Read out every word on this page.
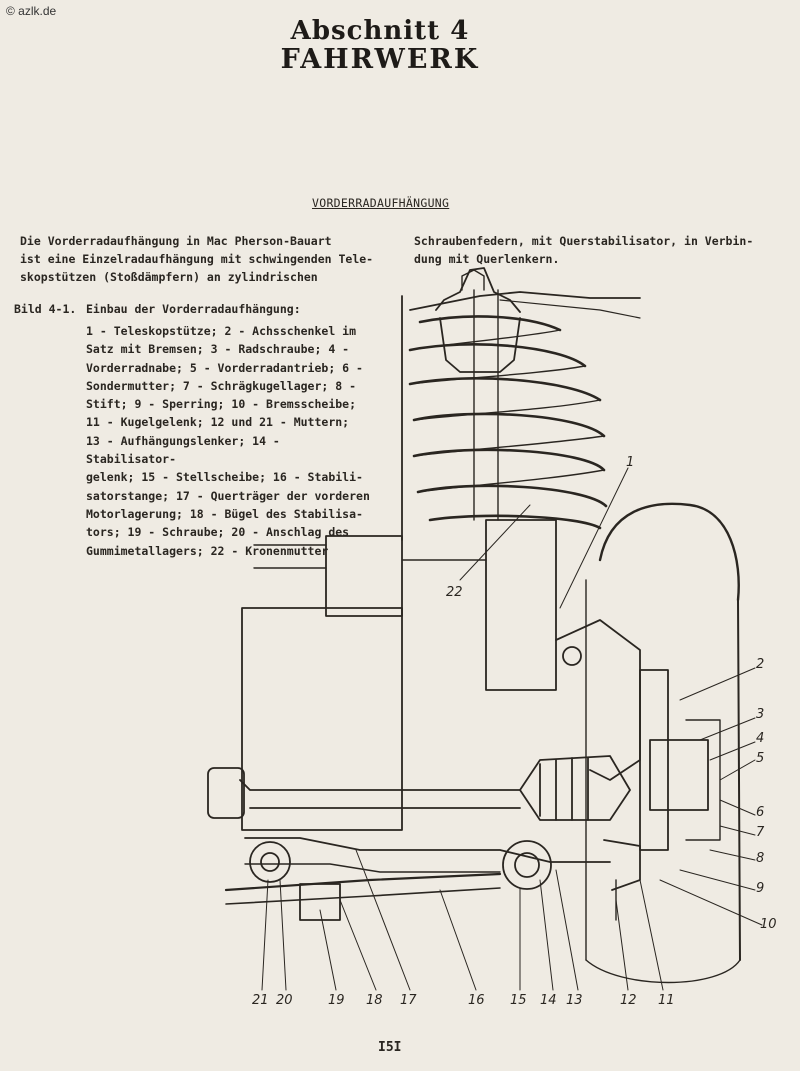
© azlk.de
Abschnitt 4
FAHRWERK
VORDERRADAUFHÄNGUNG
Die Vorderradaufhängung in Mac Pherson-Bauart
ist eine Einzelradaufhängung mit schwingenden Tele-
skopstützen (Stoßdämpfern) an zylindrischen
Schraubenfedern, mit Querstabilisator, in Verbin-
dung mit Querlenkern.
Bild 4-1. Einbau der Vorderradaufhängung:
1 - Teleskopstütze; 2 - Achsschenkel im
Satz mit Bremsen; 3 - Radschraube; 4 -
Vorderradnabe; 5 - Vorderradantrieb; 6 -
Sondermutter; 7 - Schrägkugellager; 8 -
Stift; 9 - Sperring; 10 - Bremsscheibe;
11 - Kugelgelenk; 12 und 21 - Muttern;
13 - Aufhängungslenker; 14 - Stabilisator-
gelenk; 15 - Stellscheibe; 16 - Stabili-
satorstange; 17 - Querträger der vorderen
Motorlagerung; 18 - Bügel des Stabilisa-
tors; 19 - Schraube; 20 - Anschlag des
Gummimetallagers; 22 - Kronenmutter
1
2
3
4
5
6
7
8
9
10
11
12
13
14
15
16
17
18
19
20
21
22
I5I
